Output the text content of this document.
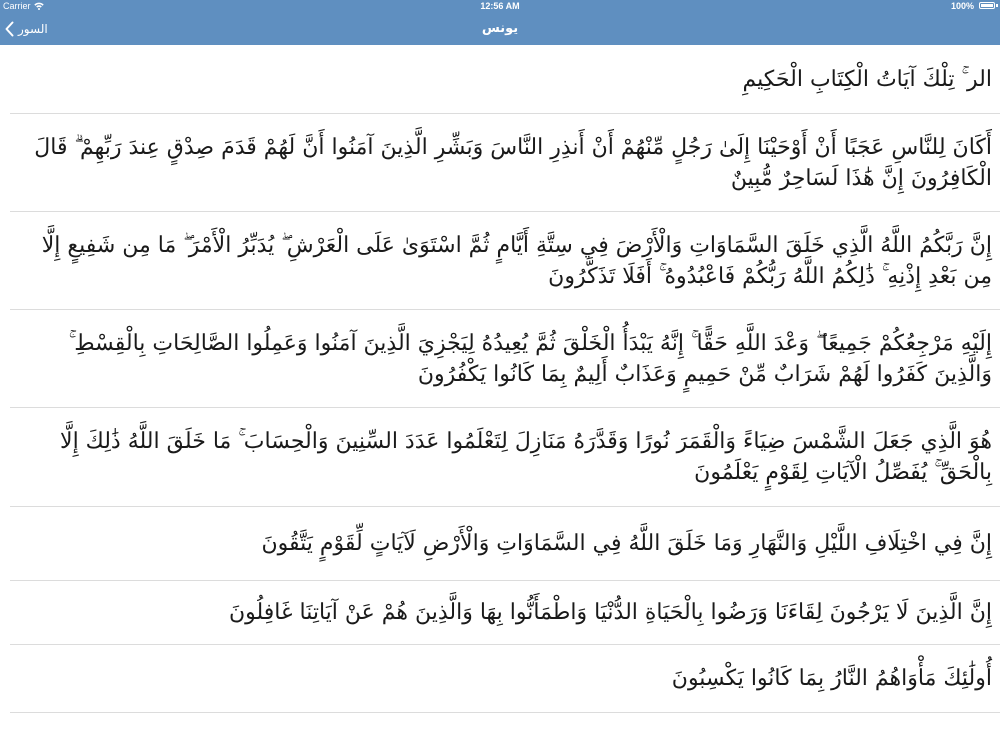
Carrier	12:56 AM	100%
السور	يونس
الر ۚ تِلْكَ آيَاتُ الْكِتَابِ الْحَكِيمِ
أَكَانَ لِلنَّاسِ عَجَبًا أَنْ أَوْحَيْنَا إِلَىٰ رَجُلٍ مِّنْهُمْ أَنْ أَنذِرِ النَّاسَ وَبَشِّرِ الَّذِينَ آمَنُوا أَنَّ لَهُمْ قَدَمَ صِدْقٍ عِندَ رَبِّهِمْ ۗ قَالَ الْكَافِرُونَ إِنَّ هَٰذَا لَسَاحِرٌ مُّبِينٌ
إِنَّ رَبَّكُمُ اللَّهُ الَّذِي خَلَقَ السَّمَاوَاتِ وَالْأَرْضَ فِي سِتَّةِ أَيَّامٍ ثُمَّ اسْتَوَىٰ عَلَى الْعَرْشِ ۖ يُدَبِّرُ الْأَمْرَ ۖ مَا مِن شَفِيعٍ إِلَّا مِن بَعْدِ إِذْنِهِ ۚ ذَٰلِكُمُ اللَّهُ رَبُّكُمْ فَاعْبُدُوهُ ۚ أَفَلَا تَذَكَّرُونَ
إِلَيْهِ مَرْجِعُكُمْ جَمِيعًا ۖ وَعْدَ اللَّهِ حَقًّا ۚ إِنَّهُ يَبْدَأُ الْخَلْقَ ثُمَّ يُعِيدُهُ لِيَجْزِيَ الَّذِينَ آمَنُوا وَعَمِلُوا الصَّالِحَاتِ بِالْقِسْطِ ۚ وَالَّذِينَ كَفَرُوا لَهُمْ شَرَابٌ مِّنْ حَمِيمٍ وَعَذَابٌ أَلِيمٌ بِمَا كَانُوا يَكْفُرُونَ
هُوَ الَّذِي جَعَلَ الشَّمْسَ ضِيَاءً وَالْقَمَرَ نُورًا وَقَدَّرَهُ مَنَازِلَ لِتَعْلَمُوا عَدَدَ السِّنِينَ وَالْحِسَابَ ۚ مَا خَلَقَ اللَّهُ ذَٰلِكَ إِلَّا بِالْحَقِّ ۚ يُفَصِّلُ الْآيَاتِ لِقَوْمٍ يَعْلَمُونَ
إِنَّ فِي اخْتِلَافِ اللَّيْلِ وَالنَّهَارِ وَمَا خَلَقَ اللَّهُ فِي السَّمَاوَاتِ وَالْأَرْضِ لَآيَاتٍ لِّقَوْمٍ يَتَّقُونَ
إِنَّ الَّذِينَ لَا يَرْجُونَ لِقَاءَنَا وَرَضُوا بِالْحَيَاةِ الدُّنْيَا وَاطْمَأَنُّوا بِهَا وَالَّذِينَ هُمْ عَنْ آيَاتِنَا غَافِلُونَ
أُولَٰئِكَ مَأْوَاهُمُ النَّارُ بِمَا كَانُوا يَكْسِبُونَ
